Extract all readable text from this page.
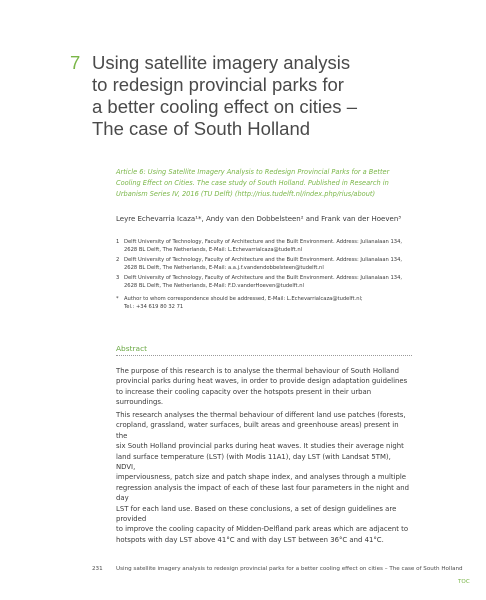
7 Using satellite imagery analysis
to redesign provincial parks for
a better cooling effect on cities –
The case of South Holland
Article 6: Using Satellite Imagery Analysis to Redesign Provincial Parks for a Better
Cooling Effect on Cities. The case study of South Holland. Published in Research in
Urbanism Series IV, 2016 (TU Delft) (http://rius.tudelft.nl/index.php/rius/about)
Leyre Echevarria Icaza¹*, Andy van den Dobbelsteen² and Frank van der Hoeven³
1 Delft University of Technology, Faculty of Architecture and the Built Environment. Address: Julianalaan 134,
2628 BL Delft, The Netherlands, E-Mail: L.Echevarrialcaza@tudelft.nl
2 Delft University of Technology, Faculty of Architecture and the Built Environment. Address: Julianalaan 134,
2628 BL Delft, The Netherlands, E-Mail: a.a.j.f.vandendobbelsteen@tudelft.nl
3 Delft University of Technology, Faculty of Architecture and the Built Environment. Address: Julianalaan 134,
2628 BL Delft, The Netherlands, E-Mail: F.D.vanderHoeven@tudelft.nl
* Author to whom correspondence should be addressed, E-Mail: L.Echevarrialcaza@tudelft.nl;
Tel.: +34 619 80 32 71
Abstract
The purpose of this research is to analyse the thermal behaviour of South Holland
provincial parks during heat waves, in order to provide design adaptation guidelines
to increase their cooling capacity over the hotspots present in their urban surroundings.
This research analyses the thermal behaviour of different land use patches (forests,
cropland, grassland, water surfaces, built areas and greenhouse areas) present in the
six South Holland provincial parks during heat waves. It studies their average night
land surface temperature (LST) (with Modis 11A1), day LST (with Landsat 5TM), NDVI,
imperviousness, patch size and patch shape index, and analyses through a multiple
regression analysis the impact of each of these last four parameters in the night and day
LST for each land use. Based on these conclusions, a set of design guidelines are provided
to improve the cooling capacity of Midden-Delfland park areas which are adjacent to
hotspots with day LST above 41°C and with day LST between 36°C and 41°C.
231 Using satellite imagery analysis to redesign provincial parks for a better cooling effect on cities – The case of South Holland
TOC
